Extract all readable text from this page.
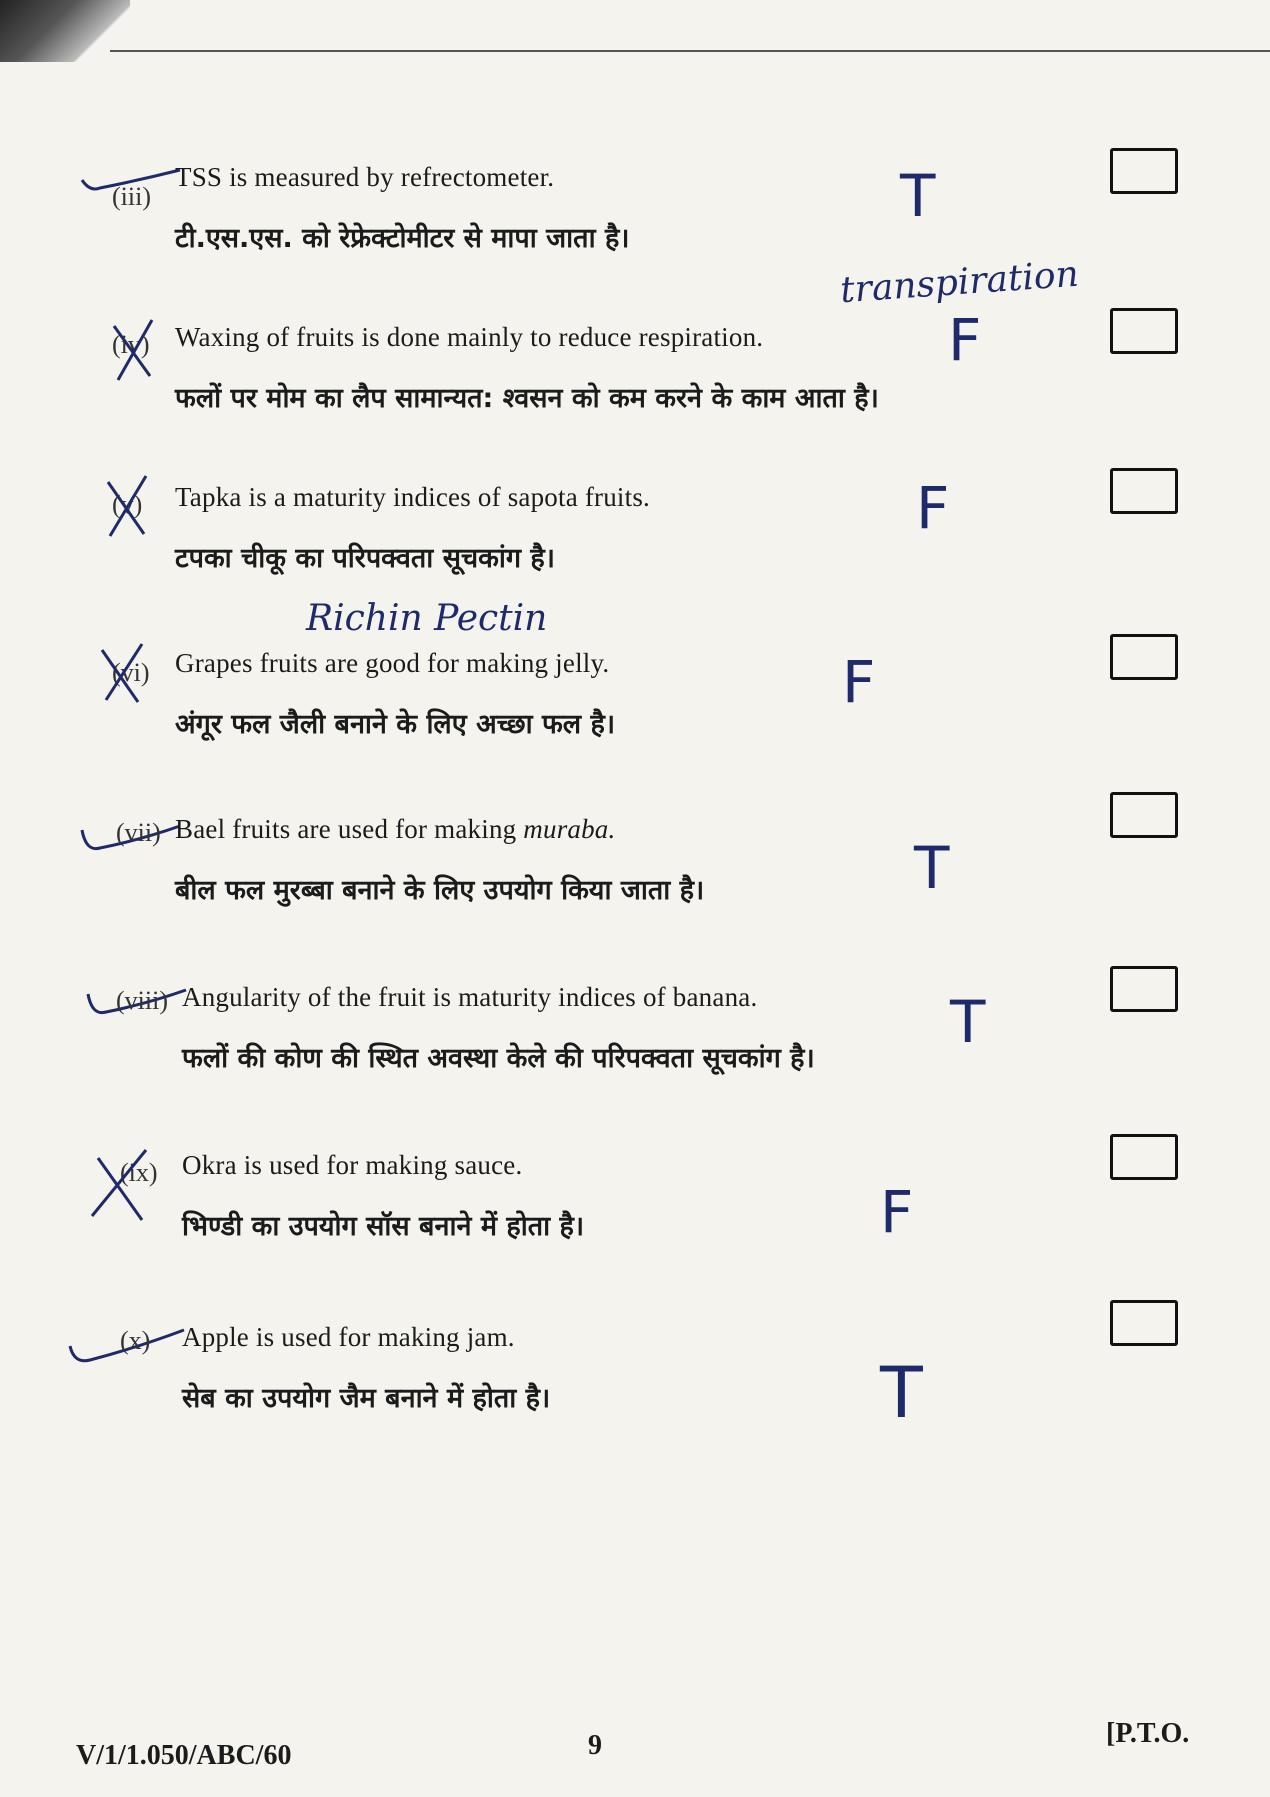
(iii)
TSS is measured by refrectometer.
टी.एस.एस. को रेफ्रेक्टोमीटर से मापा जाता है।
T
transpiration
(iv) Waxing of fruits is done mainly to reduce respiration.
फलों पर मोम का लैप सामान्यत: श्वसन को कम करने के काम आता है।
F
(v) Tapka is a maturity indices of sapota fruits.
टपका चीकू का परिपक्वता सूचकांग है।
F
Richin Pectin
(vi) Grapes fruits are good for making jelly.
अंगूर फल जैली बनाने के लिए अच्छा फल है।
F
(vii) Bael fruits are used for making muraba.
बील फल मुरब्बा बनाने के लिए उपयोग किया जाता है।	T
(viii) Angularity of the fruit is maturity indices of banana.
फलों की कोण की स्थित अवस्था केले की परिपक्वता सूचकांग है।
T
(ix) Okra is used for making sauce.
भिण्डी का उपयोग सॉस बनाने में होता है।	F
(x) Apple is used for making jam.
सेब का उपयोग जैम बनाने में होता है।	T
V/1/1.050/ABC/60	9	[P.T.O.
